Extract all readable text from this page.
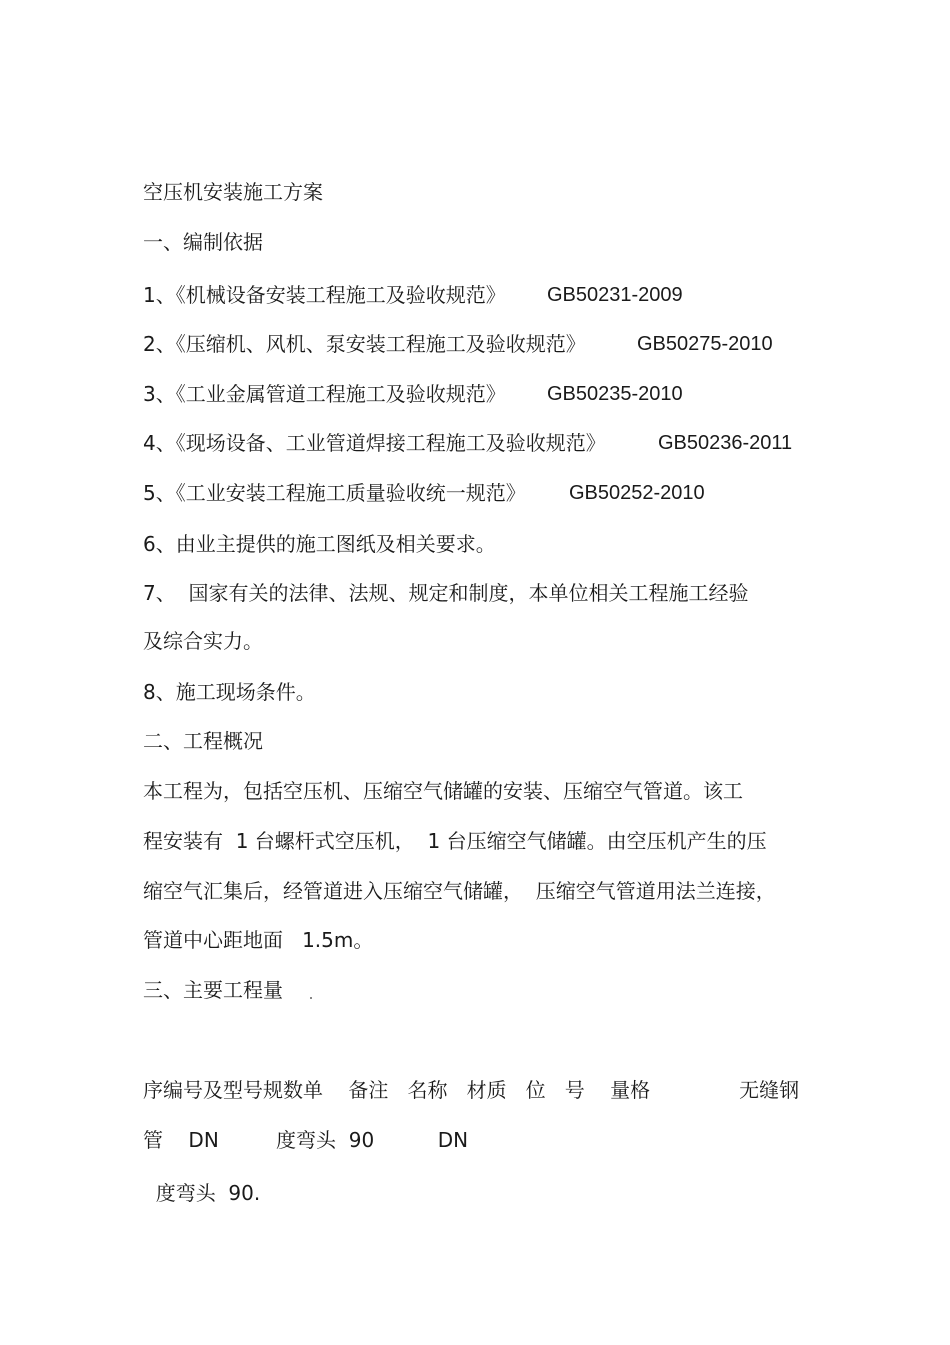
空压机安装施工方案

一、编制依据

1、《机械设备安装工程施工及验收规范》 GB50231-2009

2、《压缩机、风机、泵安装工程施工及验收规范》	GB50275-2010

3、《工业金属管道工程施工及验收规范》 GB50235-2010

4、《现场设备、工业管道焊接工程施工及验收规范》	GB50236-2011

5、《工业安装工程施工质量验收统一规范》 GB50252-2010

6、由业主提供的施工图纸及相关要求。

7、  国家有关的法律、法规、规定和制度，本单位相关工程施工经验

及综合实力。

8、施工现场条件。

二、工程概况

本工程为，包括空压机、压缩空气储罐的安装、压缩空气管道。该工

程安装有  1 台螺杆式空压机，  1 台压缩空气储罐。由空压机产生的压

缩空气汇集后，经管道进入压缩空气储罐，  压缩空气管道用法兰连接，

管道中心距地面   1.5m。

三、主要工程量

序编号及型号规数单    备注   名称   材质   位   号    量格              无缝钢

管    DN         度弯头  90          DN

度弯头  90.
